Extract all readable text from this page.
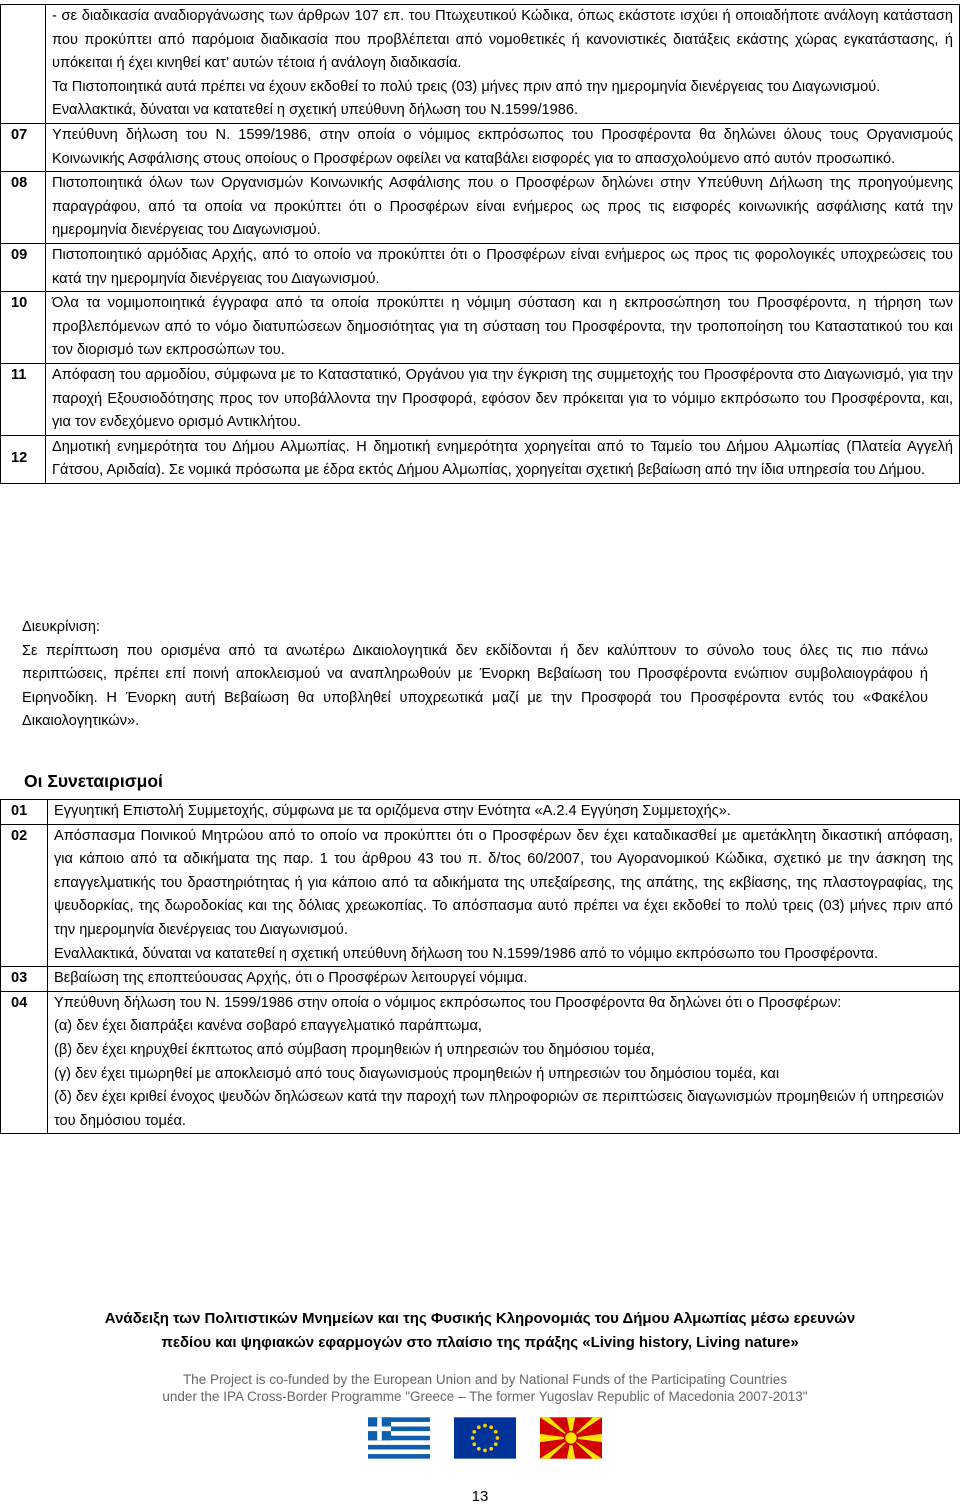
	- σε διαδικασία αναδιοργάνωσης των άρθρων 107 επ. του Πτωχευτικού Κώδικα, όπως εκάστοτε ισχύει ή οποιαδήποτε ανάλογη κατάσταση που προκύπτει από παρόμοια διαδικασία που προβλέπεται από νομοθετικές ή κανονιστικές διατάξεις εκάστης χώρας εγκατάστασης, ή υπόκειται ή έχει κινηθεί κατ’ αυτών τέτοια ή ανάλογη διαδικασία.

Τα Πιστοποιητικά αυτά πρέπει να έχουν εκδοθεί το πολύ τρεις (03) μήνες πριν από την ημερομηνία διενέργειας του Διαγωνισμού.

Εναλλακτικά, δύναται να κατατεθεί η σχετική υπεύθυνη δήλωση του Ν.1599/1986.

07	Υπεύθυνη δήλωση του Ν. 1599/1986, στην οποία ο νόμιμος εκπρόσωπος του Προσφέροντα θα δηλώνει όλους τους Οργανισμούς Κοινωνικής Ασφάλισης στους οποίους ο Προσφέρων οφείλει να καταβάλει εισφορές για το απασχολούμενο από αυτόν προσωπικό.
08	Πιστοποιητικά όλων των Οργανισμών Κοινωνικής Ασφάλισης που ο Προσφέρων δηλώνει στην Υπεύθυνη Δήλωση της προηγούμενης παραγράφου, από τα οποία να προκύπτει ότι ο Προσφέρων είναι ενήμερος ως προς τις εισφορές κοινωνικής ασφάλισης κατά την ημερομηνία διενέργειας του Διαγωνισμού.
09	Πιστοποιητικό αρμόδιας Αρχής, από το οποίο να προκύπτει ότι ο Προσφέρων είναι ενήμερος ως προς τις φορολογικές υποχρεώσεις του κατά την ημερομηνία διενέργειας του Διαγωνισμού.
10	Όλα τα νομιμοποιητικά έγγραφα από τα οποία προκύπτει η νόμιμη σύσταση και η εκπροσώπηση του Προσφέροντα, η τήρηση των προβλεπόμενων από το νόμο διατυπώσεων δημοσιότητας για τη σύσταση του Προσφέροντα, την τροποποίηση του Καταστατικού του και τον διορισμό των εκπροσώπων του.
11	Απόφαση του αρμοδίου, σύμφωνα με το Καταστατικό, Οργάνου για την έγκριση της συμμετοχής του Προσφέροντα στο Διαγωνισμό, για την παροχή Εξουσιοδότησης προς τον υποβάλλοντα την Προσφορά, εφόσον δεν πρόκειται για το νόμιμο εκπρόσωπο του Προσφέροντα, και, για τον ενδεχόμενο ορισμό Αντικλήτου.
12	Δημοτική ενημερότητα του Δήμου Αλμωπίας. Η δημοτική ενημερότητα χορηγείται από το Ταμείο του Δήμου Αλμωπίας (Πλατεία Αγγελή Γάτσου, Αριδαία). Σε νομικά πρόσωπα με έδρα εκτός Δήμου Αλμωπίας, χορηγείται σχετική βεβαίωση από την ίδια υπηρεσία του Δήμου.

Διευκρίνιση:

Σε περίπτωση που ορισμένα από τα ανωτέρω Δικαιολογητικά δεν εκδίδονται ή δεν καλύπτουν το σύνολο τους όλες τις πιο πάνω περιπτώσεις, πρέπει επί ποινή αποκλεισμού να αναπληρωθούν με Ένορκη Βεβαίωση του Προσφέροντα ενώπιον συμβολαιογράφου ή Ειρηνοδίκη. Η Ένορκη αυτή Βεβαίωση θα υποβληθεί υποχρεωτικά μαζί με την Προσφορά του Προσφέροντα εντός του «Φακέλου Δικαιολογητικών».

Οι Συνεταιρισμοί
01	Εγγυητική Επιστολή Συμμετοχής, σύμφωνα με τα οριζόμενα στην Ενότητα «Α.2.4 Εγγύηση Συμμετοχής».
02	Απόσπασμα Ποινικού Μητρώου από το οποίο να προκύπτει ότι ο Προσφέρων δεν έχει καταδικασθεί με αμετάκλητη δικαστική απόφαση, για κάποιο από τα αδικήματα της παρ. 1 του άρθρου 43 του π. δ/τος 60/2007, του Αγορανομικού Κώδικα, σχετικό με την άσκηση της επαγγελματικής του δραστηριότητας ή για κάποιο από τα αδικήματα της υπεξαίρεσης, της απάτης, της εκβίασης, της πλαστογραφίας, της ψευδορκίας, της δωροδοκίας και της δόλιας χρεωκοπίας. Το απόσπασμα αυτό πρέπει να έχει εκδοθεί το πολύ τρεις (03) μήνες πριν από την ημερομηνία διενέργειας του Διαγωνισμού.

Εναλλακτικά, δύναται να κατατεθεί η σχετική υπεύθυνη δήλωση του Ν.1599/1986 από το νόμιμο εκπρόσωπο του Προσφέροντα.

03	Βεβαίωση της εποπτεύουσας Αρχής, ότι ο Προσφέρων λειτουργεί νόμιμα.
04	Υπεύθυνη δήλωση του Ν. 1599/1986 στην οποία ο νόμιμος εκπρόσωπος του Προσφέροντα θα δηλώνει ότι ο Προσφέρων:

(α) δεν έχει διαπράξει κανένα σοβαρό επαγγελματικό παράπτωμα,

(β) δεν έχει κηρυχθεί έκπτωτος από σύμβαση προμηθειών ή υπηρεσιών του δημόσιου τομέα,

(γ) δεν έχει τιμωρηθεί με αποκλεισμό από τους διαγωνισμούς προμηθειών ή υπηρεσιών του δημόσιου τομέα, και

(δ) δεν έχει κριθεί ένοχος ψευδών δηλώσεων κατά την παροχή των πληροφοριών σε περιπτώσεις διαγωνισμών προμηθειών ή υπηρεσιών του δημόσιου τομέα.

Ανάδειξη των Πολιτιστικών Μνημείων και της Φυσικής Κληρονομιάς του Δήμου Αλμωπίας μέσω ερευνών
πεδίου και ψηφιακών εφαρμογών στο πλαίσιο της πράξης «Living history, Living nature»
The Project is co-funded by the European Union and by National Funds of the Participating Countries
under the IPA Cross-Border Programme "Greece – The former Yugoslav Republic of Macedonia 2007-2013"
13
